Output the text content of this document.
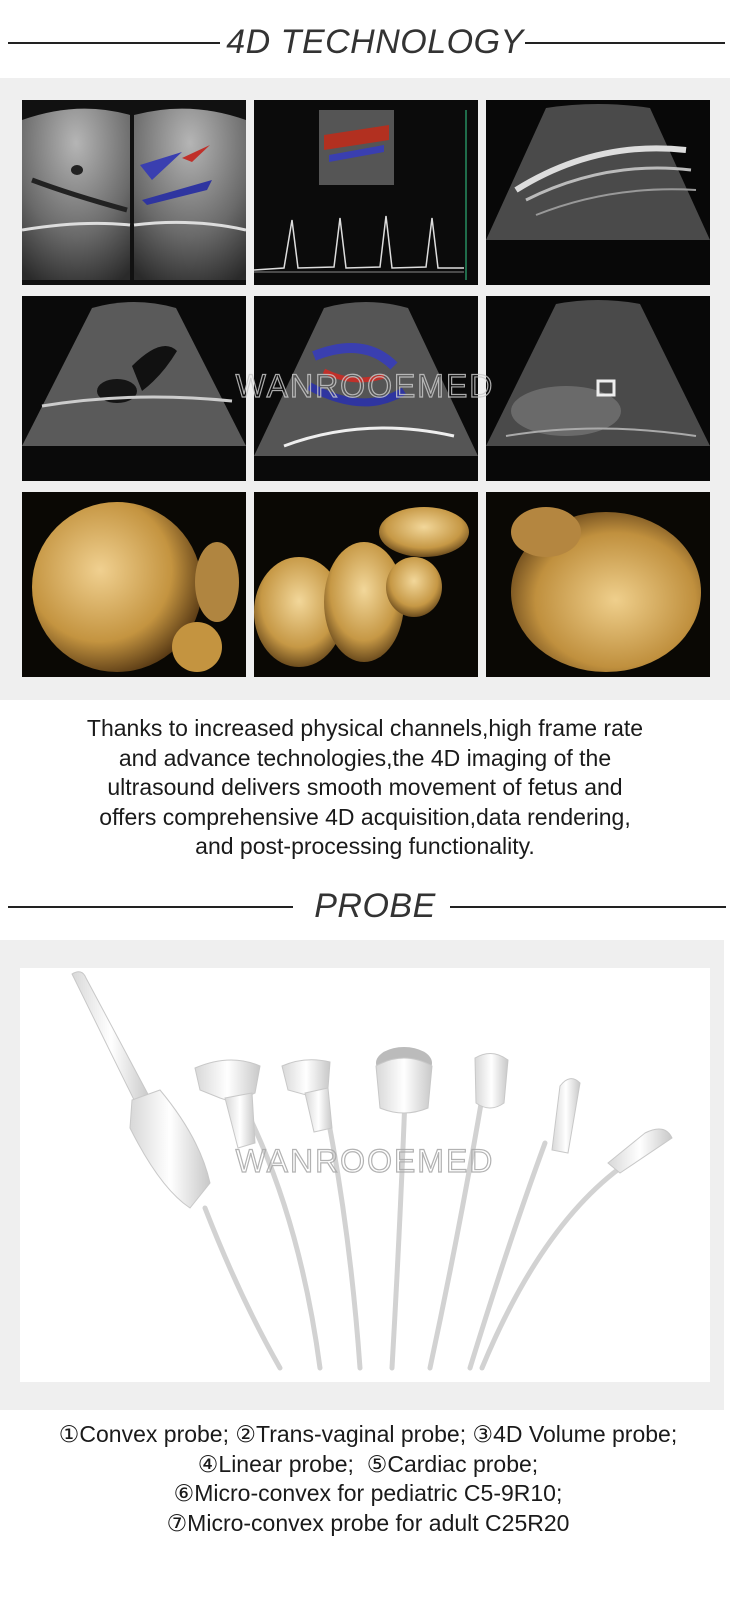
4D TECHNOLOGY
Thanks to increased physical channels,high frame rate
and advance technologies,the 4D imaging of the
ultrasound delivers smooth movement of fetus and
offers comprehensive 4D acquisition,data rendering,
and post-processing functionality.
PROBE
WANROOEMED
①Convex probe; ②Trans-vaginal probe; ③4D Volume probe;
④Linear probe;  ⑤Cardiac probe;
⑥Micro-convex for pediatric C5-9R10;
⑦Micro-convex probe for adult C25R20
